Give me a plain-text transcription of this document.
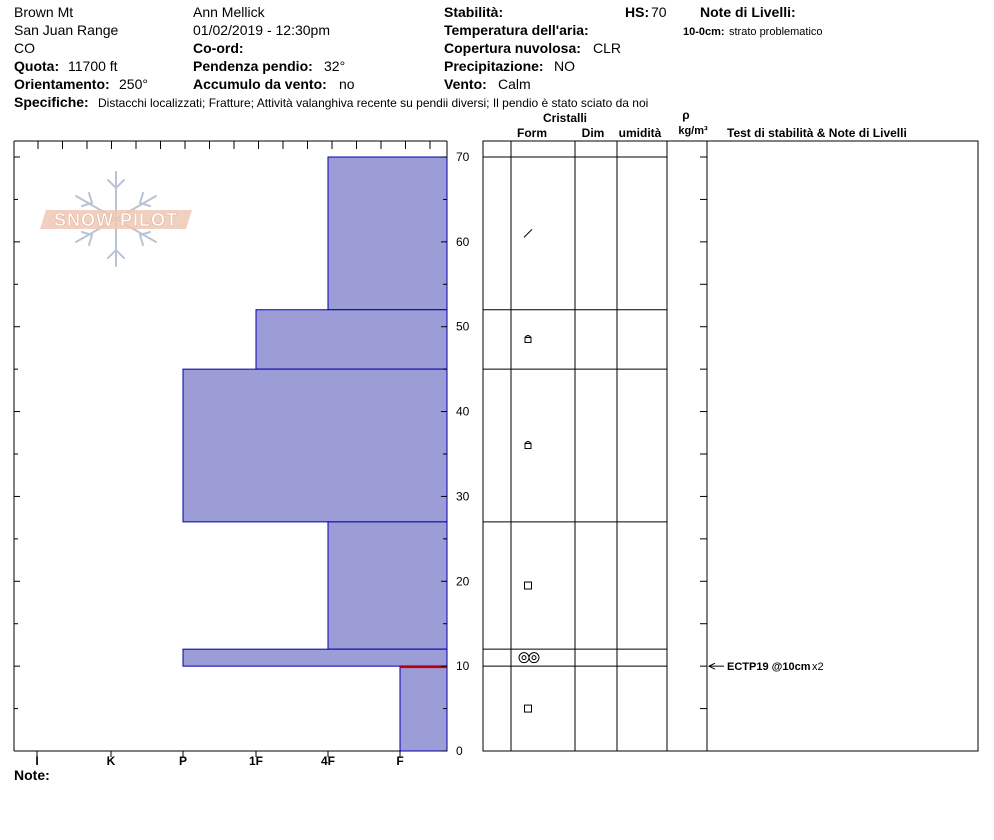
Brown Mt
San Juan Range
CO
Quota: 11700 ft
Orientamento: 250°
Ann Mellick
01/02/2019 - 12:30pm
Co-ord:
Pendenza pendio: 32°
Accumulo da vento: no
Stabilità:
Temperatura dell'aria:
Copertura nuvolosa: CLR
Precipitazione: NO
Vento: Calm
HS: 70 Note di Livelli:
10-0cm: strato problematico
Specifiche: Distacchi localizzati; Fratture; Attività valanghiva recente su pendii diversi; Il pendio è stato sciato da noi
SNOW PILOT
I	K	P	1F	4F	F
0
10
20
30
40
50
60
70
ECTP19 @10cm x2
Cristalli
Form	Dim umidità
ρ
kg/m³ Test di stabilità & Note di Livelli
Note:
